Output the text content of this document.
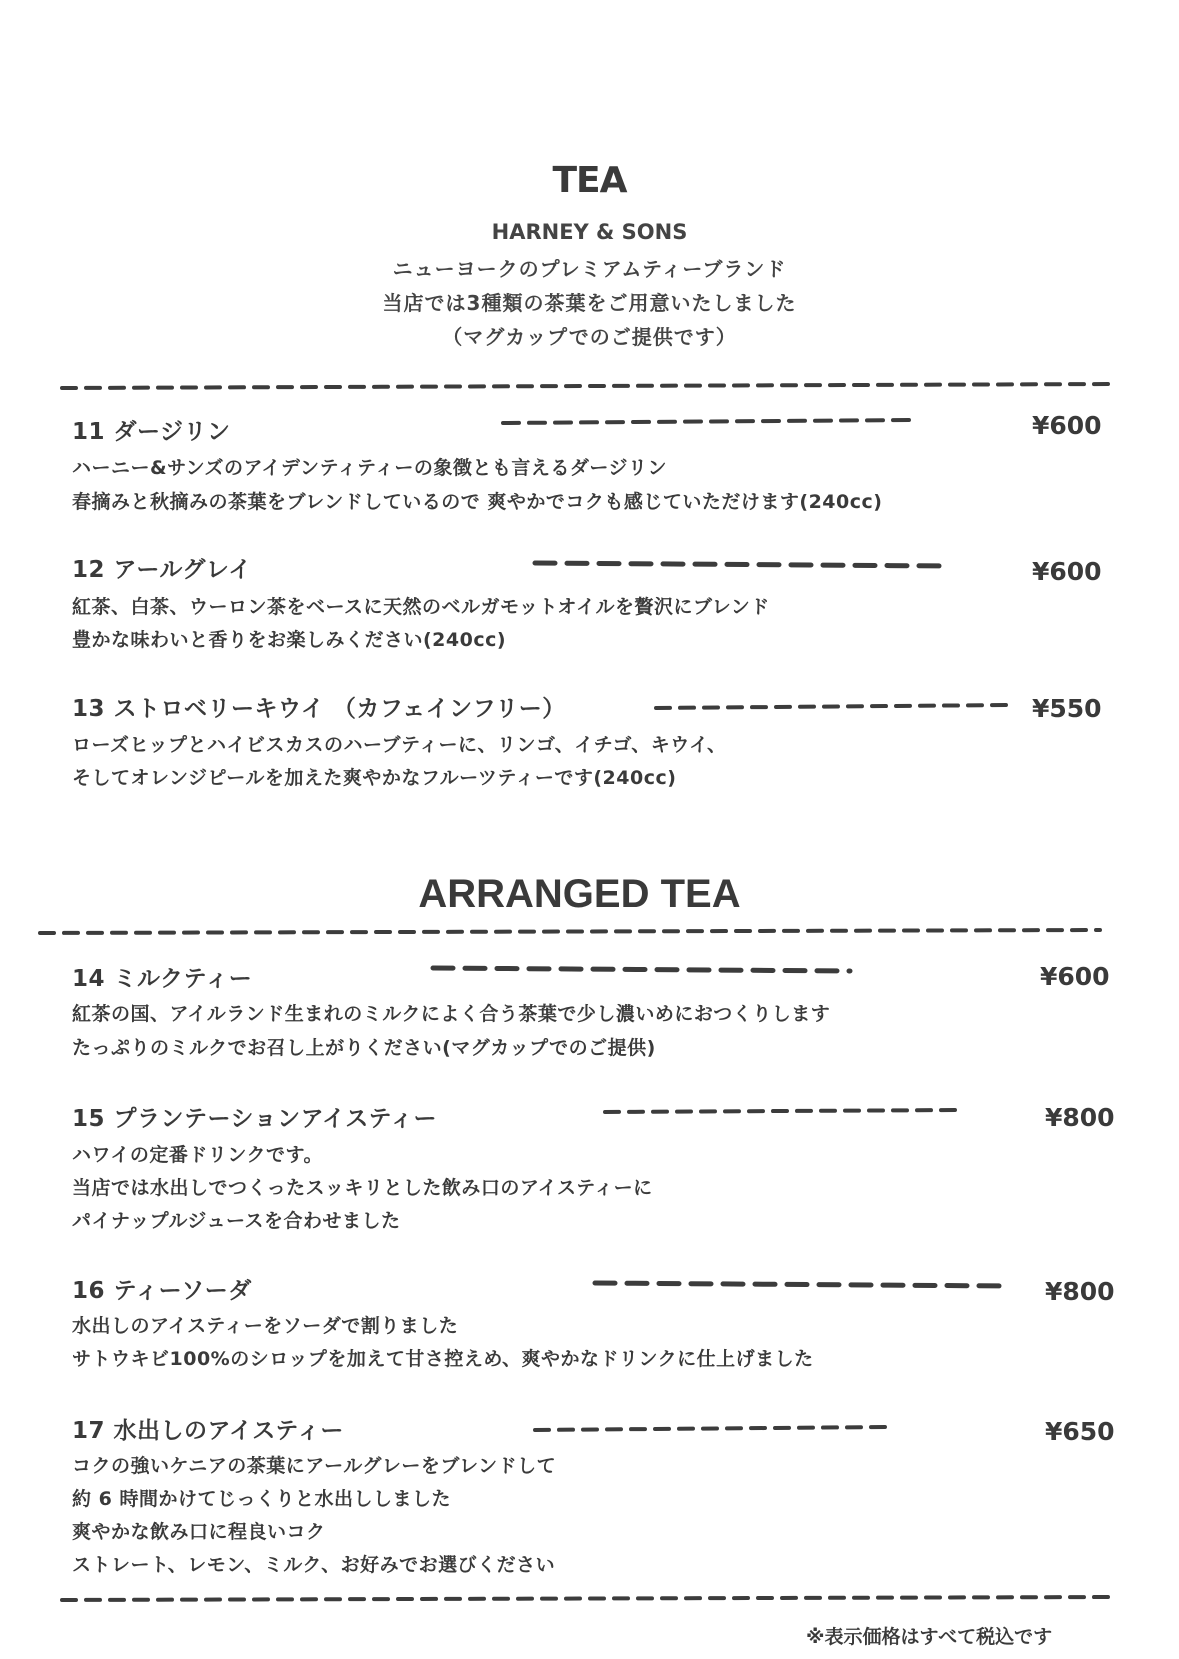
TEA
HARNEY & SONS
ニューヨークのプレミアムティーブランド
当店では3種類の茶葉をご用意いたしました
（マグカップでのご提供です）
11 ダージリン	¥600
ハーニー&サンズのアイデンティティーの象徴とも言えるダージリン
春摘みと秋摘みの茶葉をブレンドしているので 爽やかでコクも感じていただけます(240cc)
12 アールグレイ	¥600
紅茶、白茶、ウーロン茶をベースに天然のベルガモットオイルを贅沢にブレンド
豊かな味わいと香りをお楽しみください(240cc)
13 ストロベリーキウイ （カフェインフリー）	¥550
ローズヒップとハイビスカスのハーブティーに、リンゴ、イチゴ、キウイ、
そしてオレンジピールを加えた爽やかなフルーツティーです(240cc)
ARRANGED TEA
14 ミルクティー	¥600
紅茶の国、アイルランド生まれのミルクによく合う茶葉で少し濃いめにおつくりします
たっぷりのミルクでお召し上がりください(マグカップでのご提供)
15 プランテーションアイスティー	¥800
ハワイの定番ドリンクです。
当店では水出しでつくったスッキリとした飲み口のアイスティーに
パイナップルジュースを合わせました
16 ティーソーダ	¥800
水出しのアイスティーをソーダで割りました
サトウキビ100%のシロップを加えて甘さ控えめ、爽やかなドリンクに仕上げました
17 水出しのアイスティー	¥650
コクの強いケニアの茶葉にアールグレーをブレンドして
約 6 時間かけてじっくりと水出ししました
爽やかな飲み口に程良いコク
ストレート、レモン、ミルク、お好みでお選びください
※表示価格はすべて税込です
